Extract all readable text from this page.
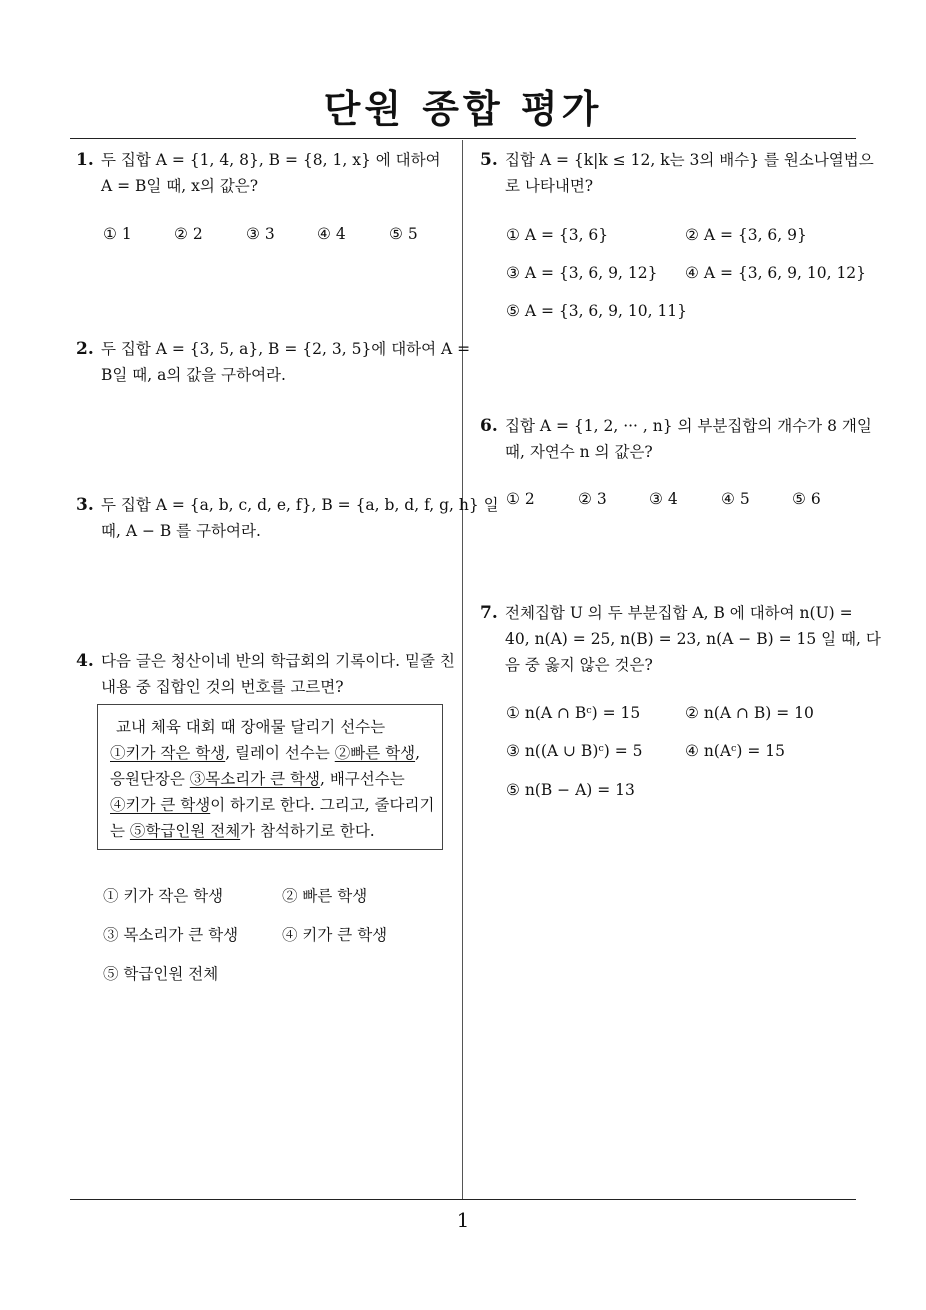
단원 종합 평가
1
1. 두 집합 A = {1, 4, 8}, B = {8, 1, x} 에 대하여
A = B일 때, x의 값은?
① 1	② 2	③ 3	④ 4	⑤ 5
2. 두 집합 A = {3, 5, a}, B = {2, 3, 5}에 대하여 A =
B일 때, a의 값을 구하여라.
3. 두 집합 A = {a, b, c, d, e, f}, B = {a, b, d, f, g, h} 일
때, A − B 를 구하여라.
4. 다음 글은 청산이네 반의 학급회의 기록이다. 밑줄 친
내용 중 집합인 것의 번호를 고르면?
교내 체육 대회 때 장애물 달리기 선수는
①키가 작은 학생, 릴레이 선수는 ②빠른 학생,
응원단장은 ③목소리가 큰 학생, 배구선수는
④키가 큰 학생이 하기로 한다. 그리고, 줄다리기
는 ⑤학급인원 전체가 참석하기로 한다.
① 키가 작은 학생	② 빠른 학생
③ 목소리가 큰 학생	④ 키가 큰 학생
⑤ 학급인원 전체
5. 집합 A = {k|k ≤ 12, k는 3의 배수} 를 원소나열법으
로 나타내면?
① A = {3, 6}	② A = {3, 6, 9}
③ A = {3, 6, 9, 12} ④ A = {3, 6, 9, 10, 12}
⑤ A = {3, 6, 9, 10, 11}
6. 집합 A = {1, 2, ··· , n} 의 부분집합의 개수가 8 개일
때, 자연수 n 의 값은?
① 2	② 3	③ 4	④ 5	⑤ 6
7. 전체집합 U 의 두 부분집합 A, B 에 대하여 n(U) =
40, n(A) = 25, n(B) = 23, n(A − B) = 15 일 때, 다
음 중 옳지 않은 것은?
① n(A ∩ Bᶜ) = 15	② n(A ∩ B) = 10
③ n((A ∪ B)ᶜ) = 5	④ n(Aᶜ) = 15
⑤ n(B − A) = 13
